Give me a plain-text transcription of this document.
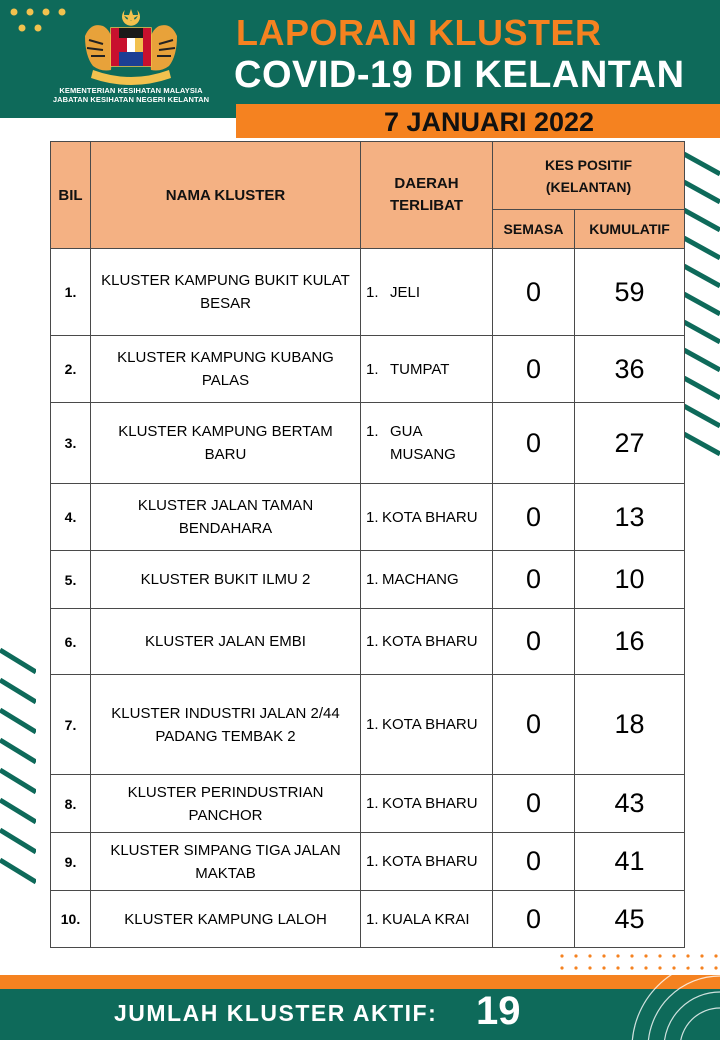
KEMENTERIAN KESIHATAN MALAYSIA
JABATAN KESIHATAN NEGERI KELANTAN
LAPORAN KLUSTER
COVID-19 DI KELANTAN
7 JANUARI 2022
BIL	NAMA KLUSTER	DAERAH TERLIBAT	KES POSITIF (KELANTAN)	
			SEMASA	KUMULATIF
1.	KLUSTER KAMPUNG BUKIT KULAT BESAR	1. JELI	0	59
2.	KLUSTER KAMPUNG KUBANG PALAS	1. TUMPAT	0	36
3.	KLUSTER KAMPUNG BERTAM BARU	1. GUA MUSANG	0	27
4.	KLUSTER JALAN TAMAN BENDAHARA	1. KOTA BHARU	0	13
5.	KLUSTER BUKIT ILMU 2	1. MACHANG	0	10
6.	KLUSTER JALAN EMBI	1. KOTA BHARU	0	16
7.	KLUSTER INDUSTRI JALAN 2/44 PADANG TEMBAK 2	1. KOTA BHARU	0	18
8.	KLUSTER PERINDUSTRIAN PANCHOR	1. KOTA BHARU	0	43
9.	KLUSTER SIMPANG TIGA JALAN MAKTAB	1. KOTA BHARU	0	41
10.	KLUSTER KAMPUNG LALOH	1. KUALA KRAI	0	45
JUMLAH KLUSTER AKTIF: 19
